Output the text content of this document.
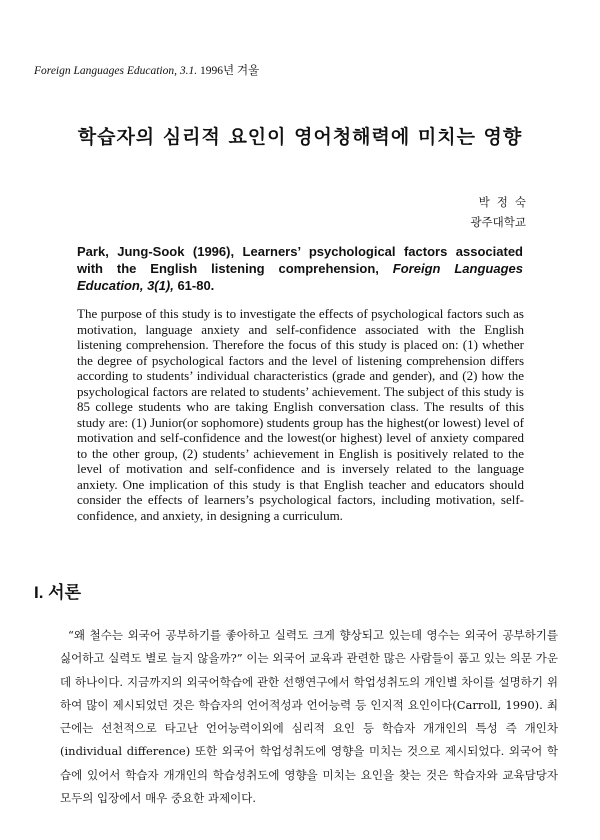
Foreign Languages Education, 3.1. 1996년 겨울
학습자의 심리적 요인이 영어청해력에 미치는 영향
박정숙
광주대학교
Park, Jung-Sook (1996), Learners’ psychological factors associated with the English listening comprehension, Foreign Languages Education, 3(1), 61-80.
The purpose of this study is to investigate the effects of psychological factors such as motivation, language anxiety and self-confidence associated with the English listening comprehension. Therefore the focus of this study is placed on: (1) whether the degree of psychological factors and the level of listening comprehension differs according to students’ individual characteristics (grade and gender), and (2) how the psychological factors are related to students’ achievement. The subject of this study is 85 college students who are taking English conversation class. The results of this study are: (1) Junior(or sophomore) students group has the highest(or lowest) level of motivation and self-confidence and the lowest(or highest) level of anxiety compared to the other group, (2) students’ achievement in English is positively related to the level of motivation and self-confidence and is inversely related to the language anxiety. One implication of this study is that English teacher and educators should consider the effects of learners’s psychological factors, including motivation, self-confidence, and anxiety, in designing a curriculum.
I. 서론
“왜 철수는 외국어 공부하기를 좋아하고 실력도 크게 향상되고 있는데 영수는 외국어 공부하기를 싫어하고 실력도 별로 늘지 않을까?” 이는 외국어 교육과 관련한 많은 사람들이 품고 있는 의문 가운데 하나이다. 지금까지의 외국어학습에 관한 선행연구에서 학업성취도의 개인별 차이를 설명하기 위하여 많이 제시되었던 것은 학습자의 언어적성과 언어능력 등 인지적 요인이다(Carroll, 1990). 최근에는 선천적으로 타고난 언어능력이외에 심리적 요인 등 학습자 개개인의 특성 즉 개인차(individual difference) 또한 외국어 학업성취도에 영향을 미치는 것으로 제시되었다. 외국어 학습에 있어서 학습자 개개인의 학습성취도에 영향을 미치는 요인을 찾는 것은 학습자와 교육담당자 모두의 입장에서 매우 중요한 과제이다.
